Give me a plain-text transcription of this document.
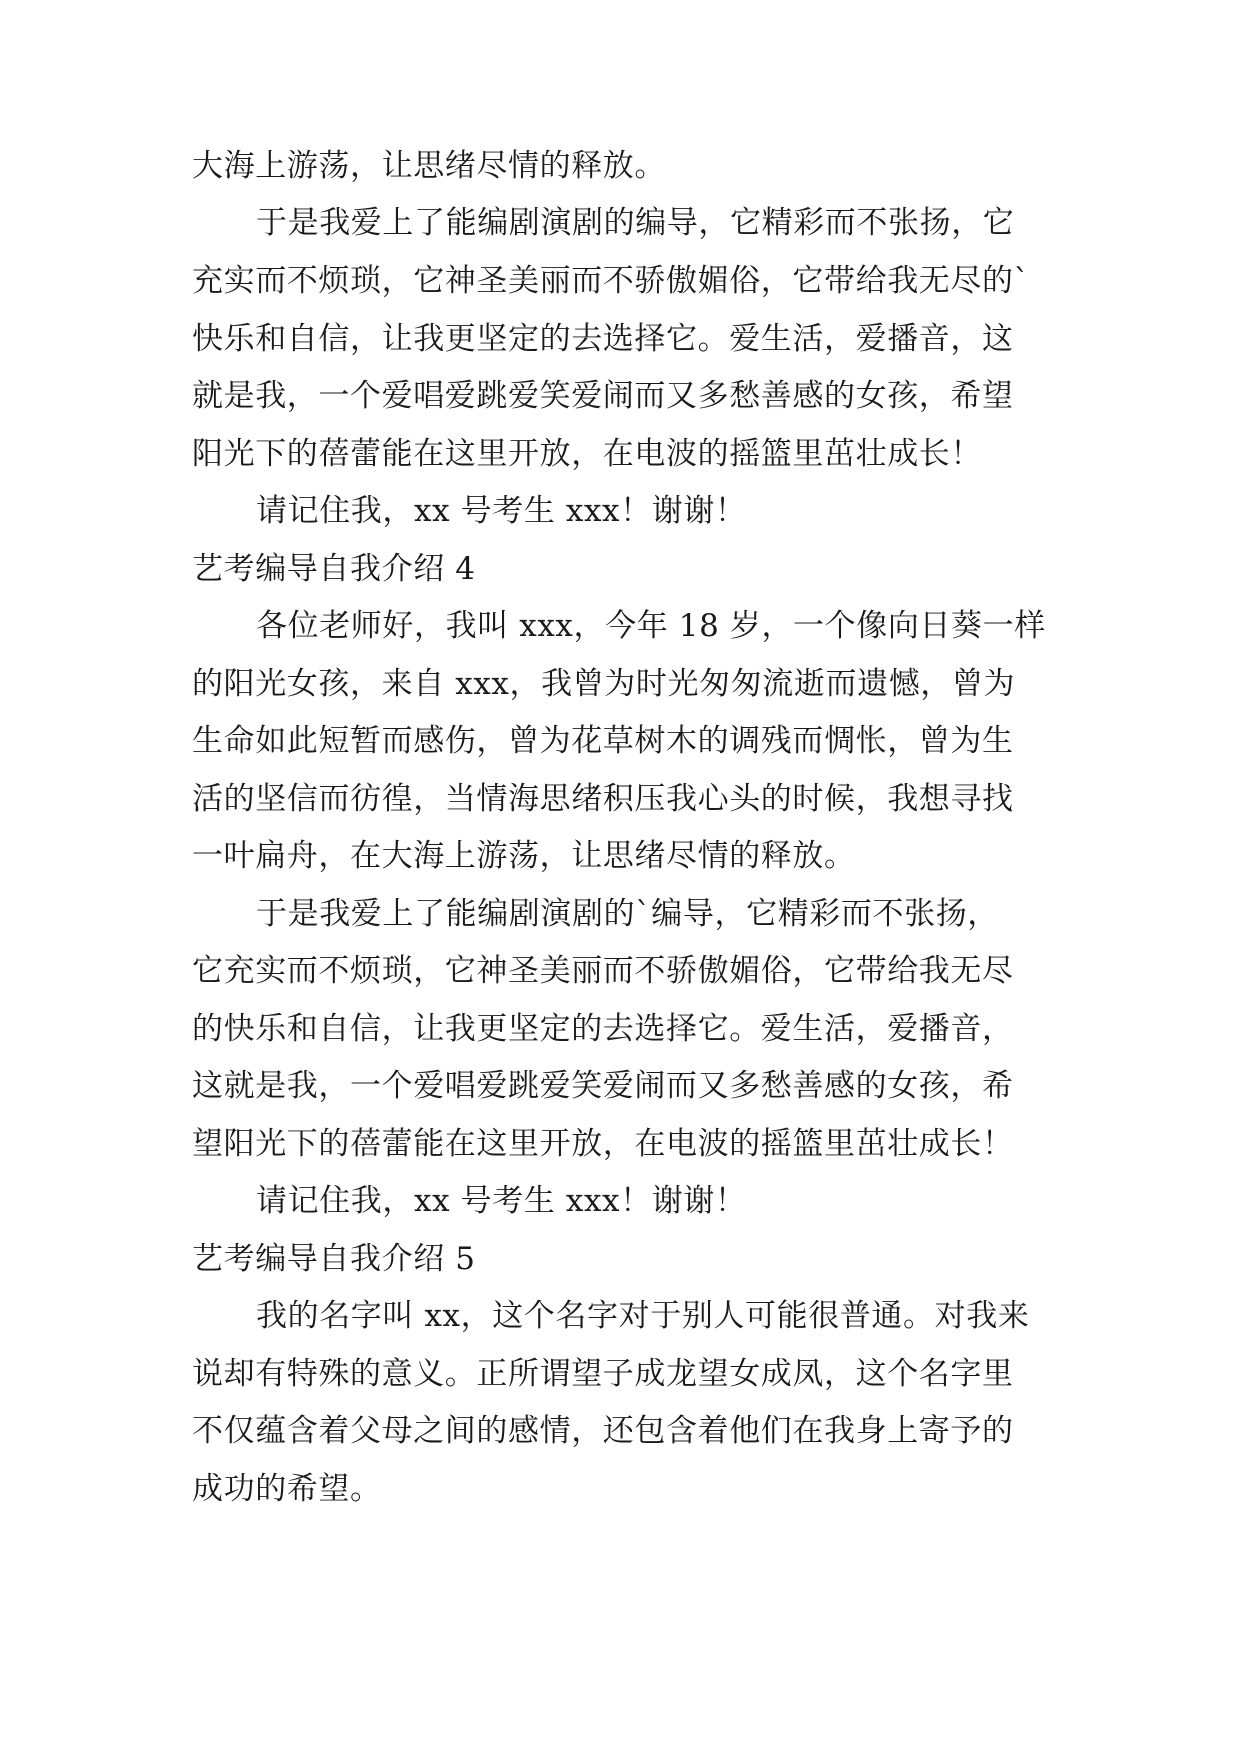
大海上游荡，让思绪尽情的释放。
于是我爱上了能编剧演剧的编导，它精彩而不张扬，它
充实而不烦琐，它神圣美丽而不骄傲媚俗，它带给我无尽的`
快乐和自信，让我更坚定的去选择它。爱生活，爱播音，这
就是我，一个爱唱爱跳爱笑爱闹而又多愁善感的女孩，希望
阳光下的蓓蕾能在这里开放，在电波的摇篮里茁壮成长！
请记住我，xx 号考生 xxx！谢谢！
艺考编导自我介绍 4
各位老师好，我叫 xxx，今年 18 岁，一个像向日葵一样
的阳光女孩，来自 xxx，我曾为时光匆匆流逝而遗憾，曾为
生命如此短暂而感伤，曾为花草树木的调残而惆怅，曾为生
活的坚信而彷徨，当情海思绪积压我心头的时候，我想寻找
一叶扁舟，在大海上游荡，让思绪尽情的释放。
于是我爱上了能编剧演剧的`编导，它精彩而不张扬，
它充实而不烦琐，它神圣美丽而不骄傲媚俗，它带给我无尽
的快乐和自信，让我更坚定的去选择它。爱生活，爱播音，
这就是我，一个爱唱爱跳爱笑爱闹而又多愁善感的女孩，希
望阳光下的蓓蕾能在这里开放，在电波的摇篮里茁壮成长！
请记住我，xx 号考生 xxx！谢谢！
艺考编导自我介绍 5
我的名字叫 xx，这个名字对于别人可能很普通。对我来
说却有特殊的意义。正所谓望子成龙望女成凤，这个名字里
不仅蕴含着父母之间的感情，还包含着他们在我身上寄予的
成功的希望。
